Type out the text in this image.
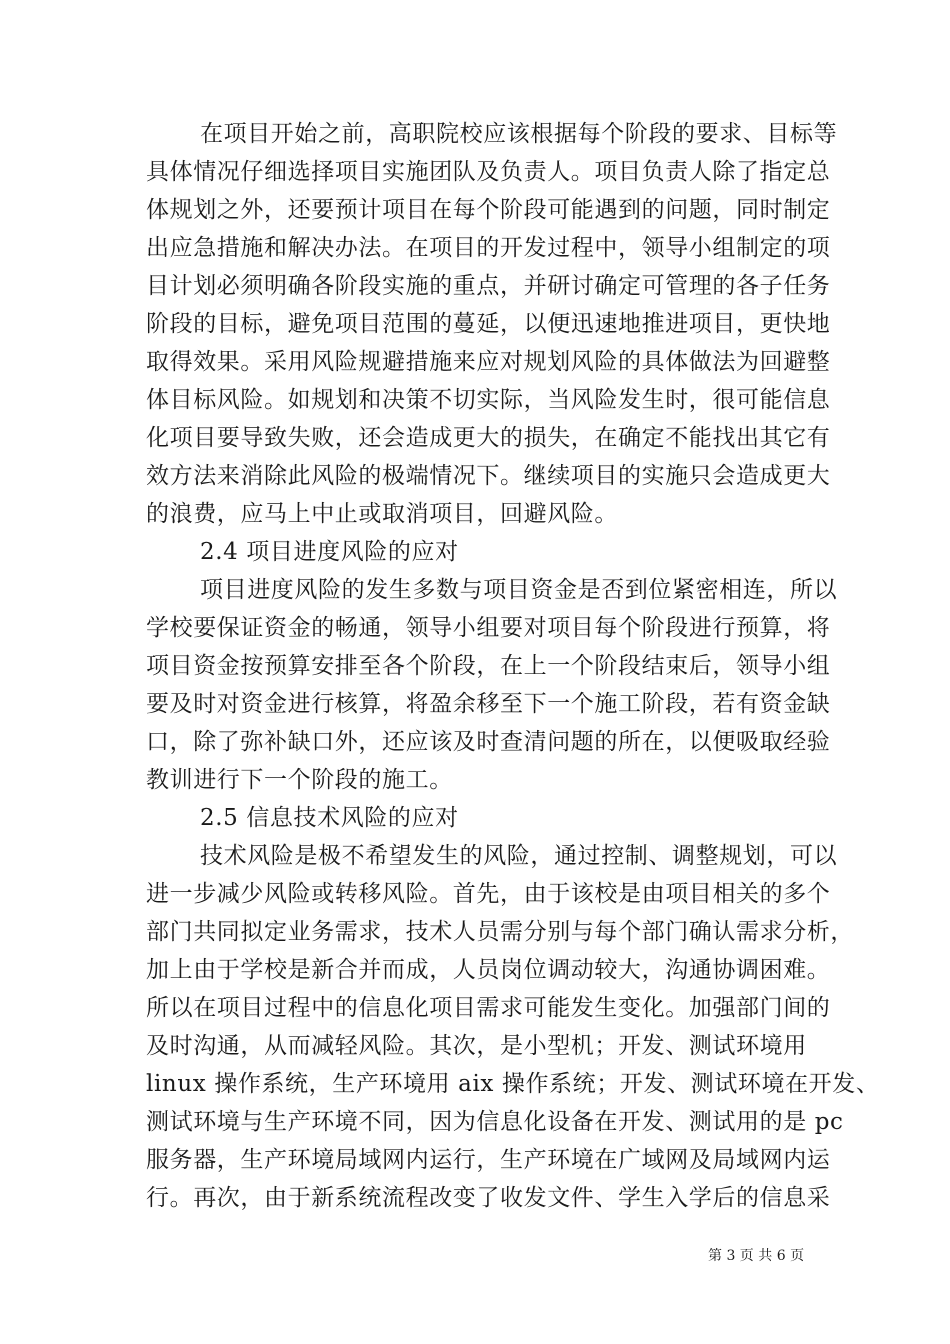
在项目开始之前，高职院校应该根据每个阶段的要求、目标等
具体情况仔细选择项目实施团队及负责人。项目负责人除了指定总
体规划之外，还要预计项目在每个阶段可能遇到的问题，同时制定
出应急措施和解决办法。在项目的开发过程中，领导小组制定的项
目计划必须明确各阶段实施的重点，并研讨确定可管理的各子任务
阶段的目标，避免项目范围的蔓延，以便迅速地推进项目，更快地
取得效果。采用风险规避措施来应对规划风险的具体做法为回避整
体目标风险。如规划和决策不切实际，当风险发生时，很可能信息
化项目要导致失败，还会造成更大的损失，在确定不能找出其它有
效方法来消除此风险的极端情况下。继续项目的实施只会造成更大
的浪费，应马上中止或取消项目，回避风险。
2.4 项目进度风险的应对
项目进度风险的发生多数与项目资金是否到位紧密相连，所以
学校要保证资金的畅通，领导小组要对项目每个阶段进行预算，将
项目资金按预算安排至各个阶段，在上一个阶段结束后，领导小组
要及时对资金进行核算，将盈余移至下一个施工阶段，若有资金缺
口，除了弥补缺口外，还应该及时查清问题的所在，以便吸取经验
教训进行下一个阶段的施工。
2.5 信息技术风险的应对
技术风险是极不希望发生的风险，通过控制、调整规划，可以
进一步减少风险或转移风险。首先，由于该校是由项目相关的多个
部门共同拟定业务需求，技术人员需分别与每个部门确认需求分析，
加上由于学校是新合并而成，人员岗位调动较大，沟通协调困难。
所以在项目过程中的信息化项目需求可能发生变化。加强部门间的
及时沟通，从而减轻风险。其次，是小型机；开发、测试环境用
linux 操作系统，生产环境用 aix 操作系统；开发、测试环境在开发、
测试环境与生产环境不同，因为信息化设备在开发、测试用的是 pc
服务器，生产环境局域网内运行，生产环境在广域网及局域网内运
行。再次，由于新系统流程改变了收发文件、学生入学后的信息采
第 3 页 共 6 页
